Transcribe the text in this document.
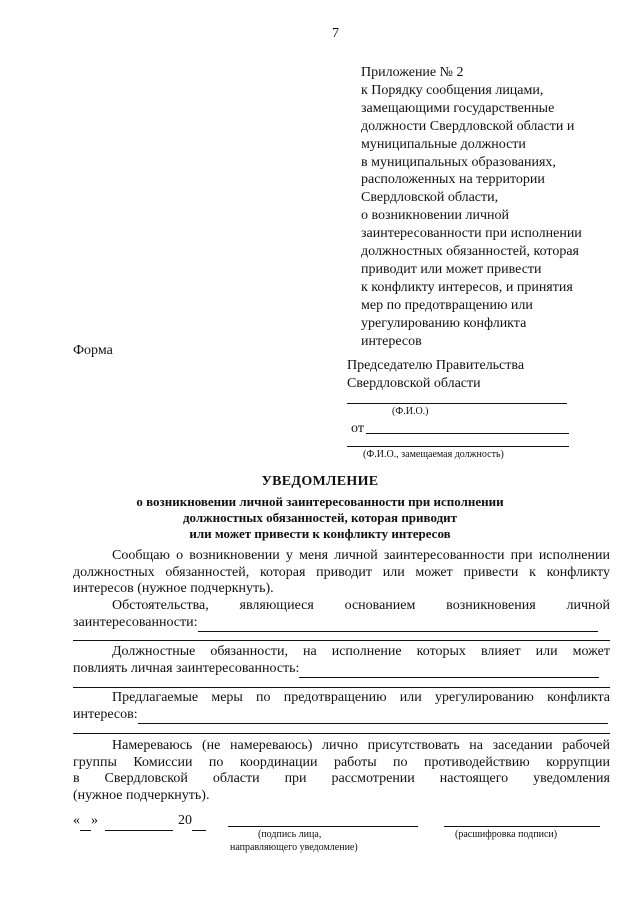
7
Приложение № 2
к Порядку сообщения лицами,
замещающими государственные
должности Свердловской области и
муниципальные должности
в муниципальных образованиях,
расположенных на территории
Свердловской области,
о возникновении личной
заинтересованности при исполнении
должностных обязанностей, которая
приводит или может привести
к конфликту интересов, и принятия
мер по предотвращению или
урегулированию конфликта
интересов
Форма
Председателю Правительства
Свердловской области
(Ф.И.О.)
от
(Ф.И.О., замещаемая должность)
УВЕДОМЛЕНИЕ
о возникновении личной заинтересованности при исполнении
должностных обязанностей, которая приводит
или может привести к конфликту интересов
Сообщаю о возникновении у меня личной заинтересованности при исполнении
должностных обязанностей, которая приводит или может привести к конфликту
интересов (нужное подчеркнуть).
Обстоятельства, являющиеся основанием возникновения личной
заинтересованности:
Должностные обязанности, на исполнение которых влияет или может
повлиять личная заинтересованность:
Предлагаемые меры по предотвращению или урегулированию конфликта
интересов:
Намереваюсь (не намереваюсь) лично присутствовать на заседании рабочей
группы Комиссии по координации работы по противодействию коррупции
в Свердловской области при рассмотрении настоящего уведомления
(нужное подчеркнуть).
« »	20
(подпись лица,
направляющего уведомление)
(расшифровка подписи)
